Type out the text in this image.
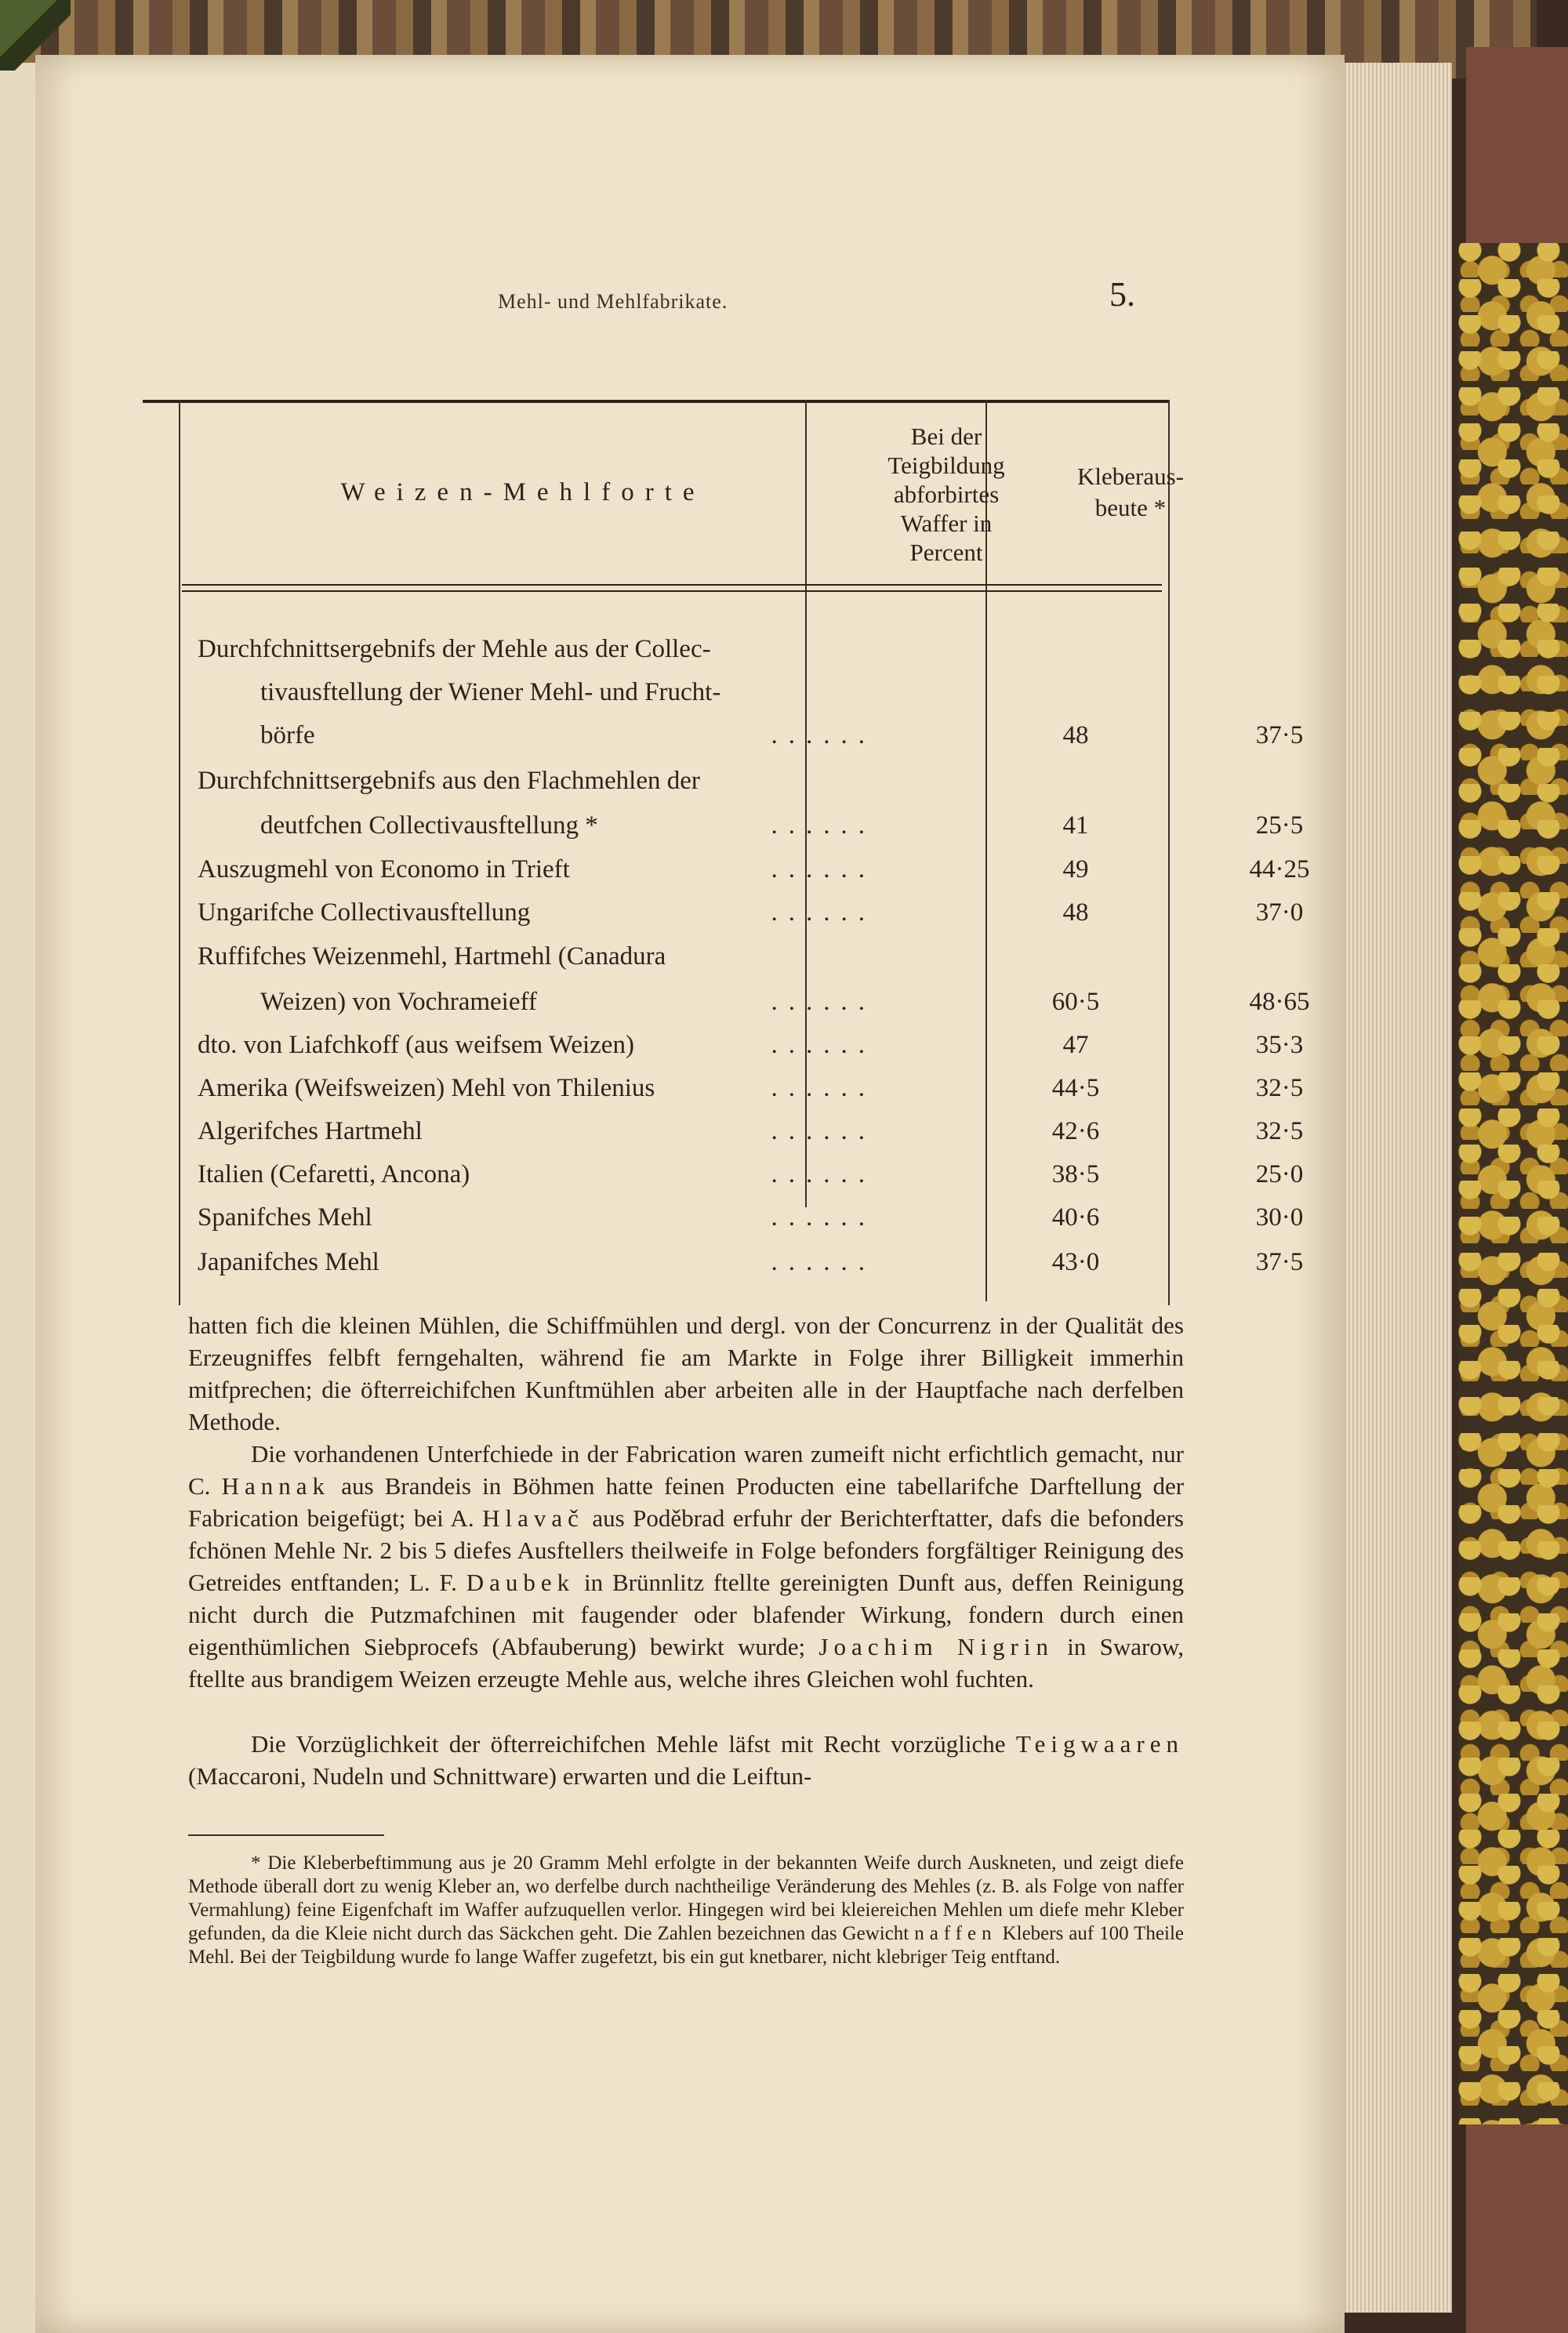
Mehl- und Mehlfabrikate.	5.
Weizen-Mehlforte
Bei der
Teigbildung
abforbirtes
Waffer in
Percent
Kleberaus-
beute *
Durchfchnittsergebnifs der Mehle aus der Collec-
tivausftellung der Wiener Mehl- und Frucht-
börfe	......	48	37·5
Durchfchnittsergebnifs aus den Flachmehlen der
deutfchen Collectivausftellung *	......	41	25·5
Auszugmehl von Economo in Trieft	......	49	44·25
Ungarifche Collectivausftellung	......	48	37·0
Ruffifches Weizenmehl, Hartmehl (Canadura
Weizen) von Vochrameieff	......	60·5	48·65
dto. von Liafchkoff (aus weifsem Weizen)	......	47	35·3
Amerika (Weifsweizen) Mehl von Thilenius	......	44·5	32·5
Algerifches Hartmehl	......	42·6	32·5
Italien (Cefaretti, Ancona)	......	38·5	25·0
Spanifches Mehl	......	40·6	30·0
Japanifches Mehl	......	43·0	37·5
hatten fich die kleinen Mühlen, die Schiffmühlen und dergl. von der Concurrenz in der Qualität des Erzeugniffes felbft ferngehalten, während fie am Markte in Folge ihrer Billigkeit immerhin mitfprechen; die öfterreichifchen Kunftmühlen aber arbeiten alle in der Hauptfache nach derfelben Methode.
Die vorhandenen Unterfchiede in der Fabrication waren zumeift nicht erfichtlich gemacht, nur C. Hannak aus Brandeis in Böhmen hatte feinen Producten eine tabellarifche Darftellung der Fabrication beigefügt; bei A. Hlavač aus Poděbrad erfuhr der Berichterftatter, dafs die befonders fchönen Mehle Nr. 2 bis 5 diefes Ausftellers theilweife in Folge befonders forgfältiger Reinigung des Getreides entftanden; L. F. Daubek in Brünnlitz ftellte gereinigten Dunft aus, deffen Reinigung nicht durch die Putzmafchinen mit faugender oder blafender Wirkung, fondern durch einen eigenthümlichen Siebprocefs (Abfauberung) bewirkt wurde; Joachim Nigrin in Swarow, ftellte aus brandigem Weizen erzeugte Mehle aus, welche ihres Gleichen wohl fuchten.
Die Vorzüglichkeit der öfterreichifchen Mehle läfst mit Recht vorzügliche Teigwaaren (Maccaroni, Nudeln und Schnittware) erwarten und die Leiftun-
* Die Kleberbeftimmung aus je 20 Gramm Mehl erfolgte in der bekannten Weife durch Auskneten, und zeigt diefe Methode überall dort zu wenig Kleber an, wo derfelbe durch nachtheilige Veränderung des Mehles (z. B. als Folge von naffer Vermahlung) feine Eigenfchaft im Waffer aufzuquellen verlor. Hingegen wird bei kleiereichen Mehlen um diefe mehr Kleber gefunden, da die Kleie nicht durch das Säckchen geht. Die Zahlen bezeichnen das Gewicht naffen Klebers auf 100 Theile Mehl. Bei der Teigbildung wurde fo lange Waffer zugefetzt, bis ein gut knetbarer, nicht klebriger Teig entftand.
